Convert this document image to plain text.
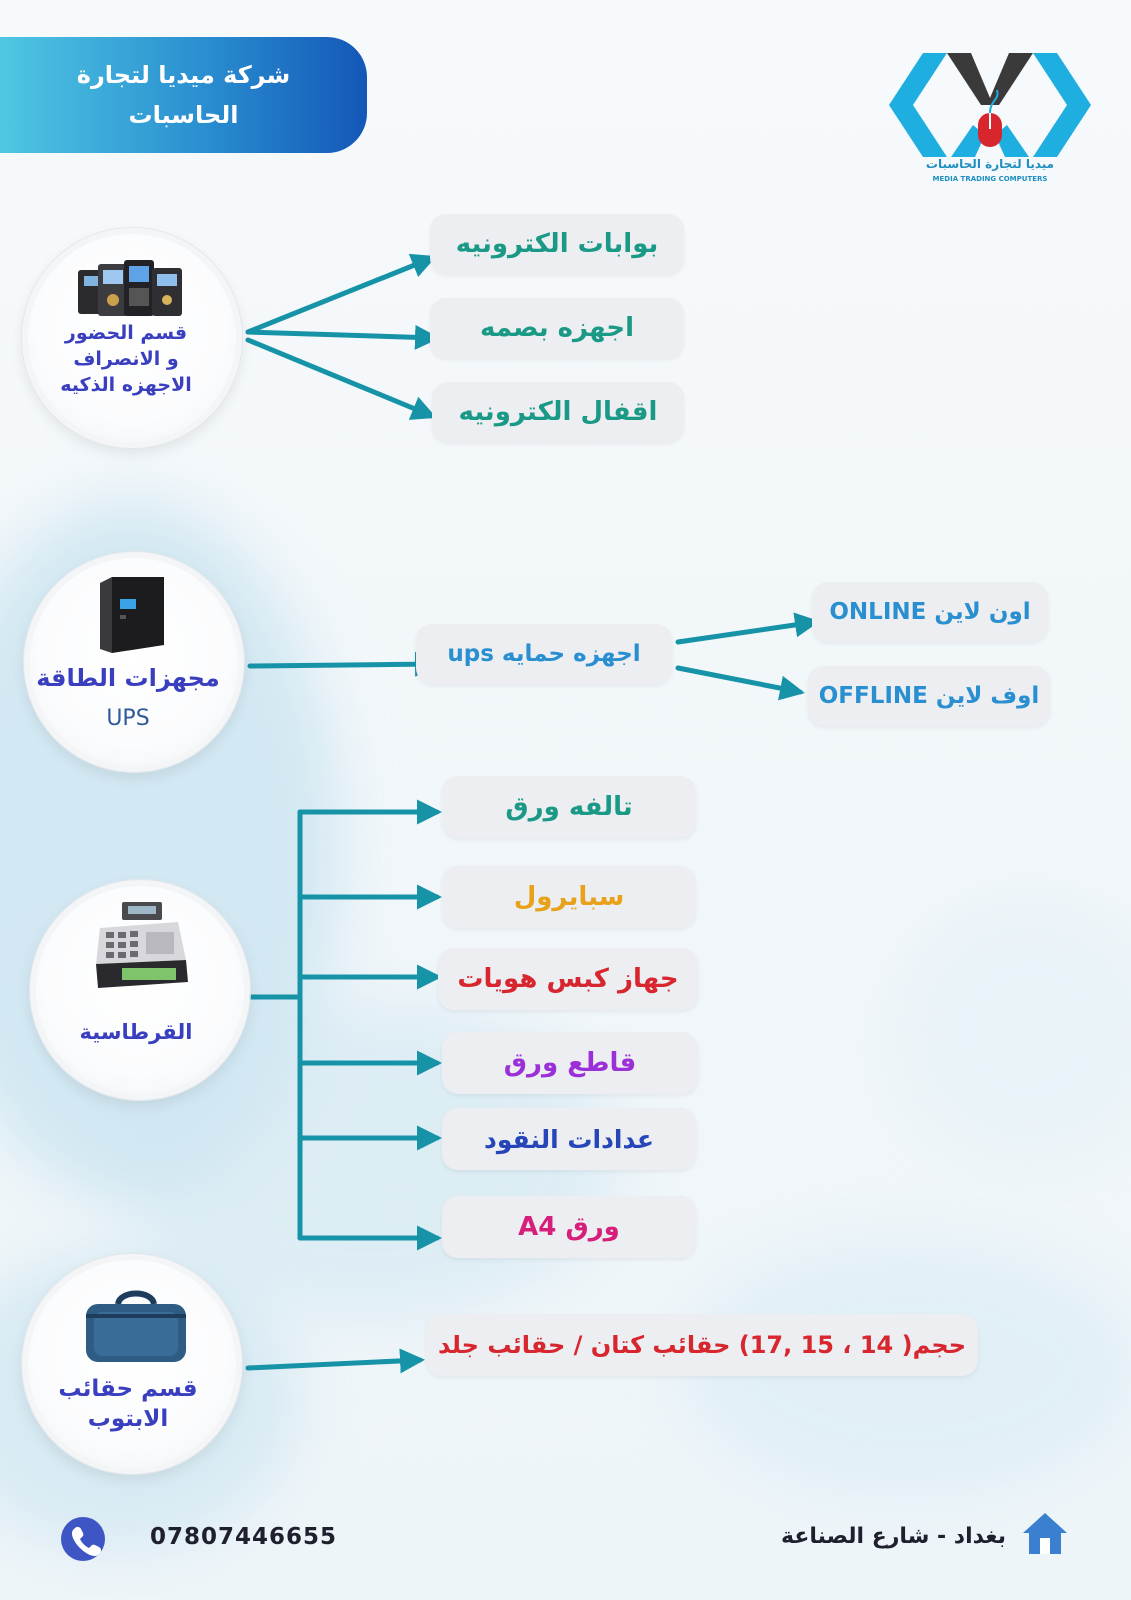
شركة ميديا لتجارة
الحاسبات
ميديا لتجارة الحاسبات
MEDIA TRADING COMPUTERS
قسم الحضور
و الانصراف
الاجهزه الذكيه
بوابات الكترونيه
اجهزه بصمه
اقفال الكترونيه
مجهزات الطاقة
UPS
اجهزه حمايه ups
اون لاين ONLINE
اوف لاين OFFLINE
القرطاسية
تالفه ورق
سبايرول
جهاز كبس هويات
قاطع ورق
عدادات النقود
ورق A4
قسم حقائب
الابتوب
حجم( 14 ، 15 ,17) حقائب كتان / حقائب جلد
07807446655	بغداد - شارع الصناعة
